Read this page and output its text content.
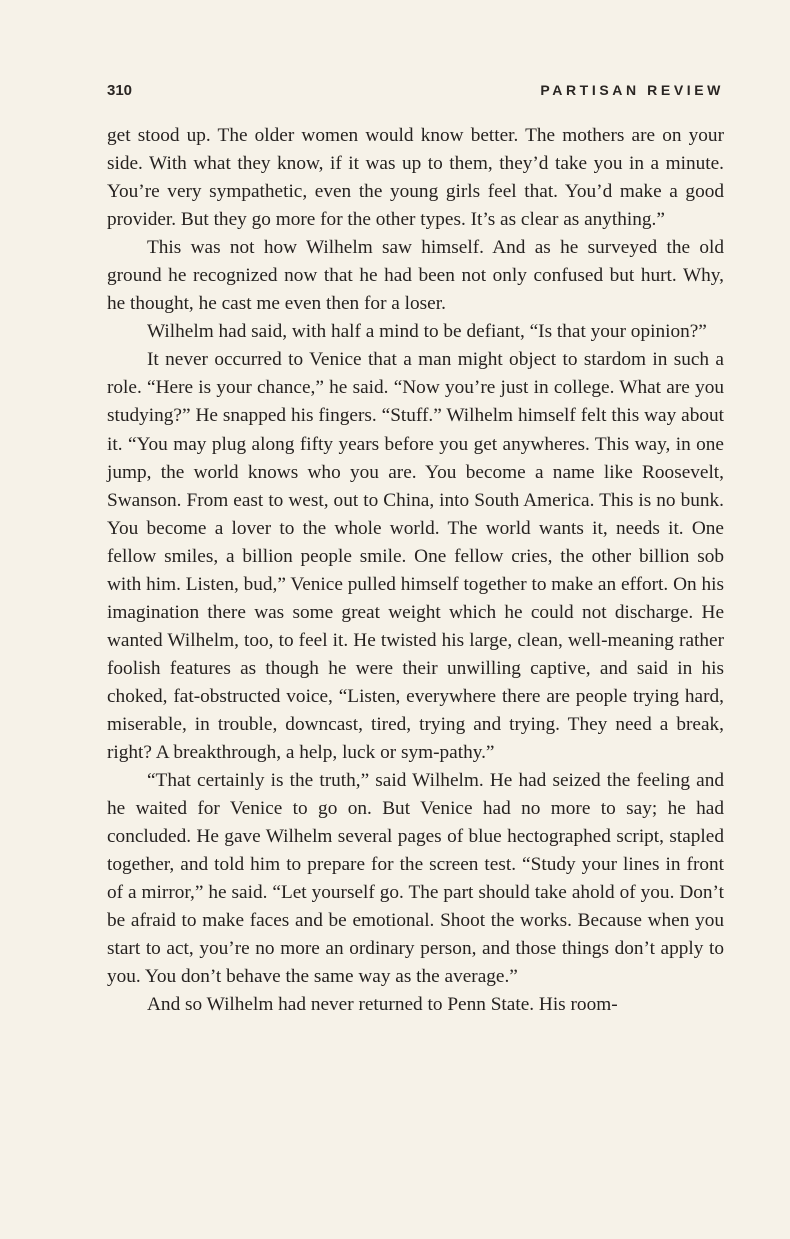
310	PARTISAN REVIEW

get stood up. The older women would know better. The mothers are on your side. With what they know, if it was up to them, they’d take you in a minute. You’re very sympathetic, even the young girls feel that. You’d make a good provider. But they go more for the other types. It’s as clear as anything.”

This was not how Wilhelm saw himself. And as he surveyed the old ground he recognized now that he had been not only confused but hurt. Why, he thought, he cast me even then for a loser.

Wilhelm had said, with half a mind to be defiant, “Is that your opinion?”

It never occurred to Venice that a man might object to stardom in such a role. “Here is your chance,” he said. “Now you’re just in college. What are you studying?” He snapped his fingers. “Stuff.” Wilhelm himself felt this way about it. “You may plug along fifty years before you get anywheres. This way, in one jump, the world knows who you are. You become a name like Roosevelt, Swanson. From east to west, out to China, into South America. This is no bunk. You become a lover to the whole world. The world wants it, needs it. One fellow smiles, a billion people smile. One fellow cries, the other billion sob with him. Listen, bud,” Venice pulled himself together to make an effort. On his imagination there was some great weight which he could not discharge. He wanted Wilhelm, too, to feel it. He twisted his large, clean, well-meaning rather foolish features as though he were their unwilling captive, and said in his choked, fat-obstructed voice, “Listen, everywhere there are people trying hard, miserable, in trouble, downcast, tired, trying and trying. They need a break, right? A breakthrough, a help, luck or sym-pathy.”

“That certainly is the truth,” said Wilhelm. He had seized the feeling and he waited for Venice to go on. But Venice had no more to say; he had concluded. He gave Wilhelm several pages of blue hectographed script, stapled together, and told him to prepare for the screen test. “Study your lines in front of a mirror,” he said. “Let yourself go. The part should take ahold of you. Don’t be afraid to make faces and be emotional. Shoot the works. Because when you start to act, you’re no more an ordinary person, and those things don’t apply to you. You don’t behave the same way as the average.”

And so Wilhelm had never returned to Penn State. His room-
